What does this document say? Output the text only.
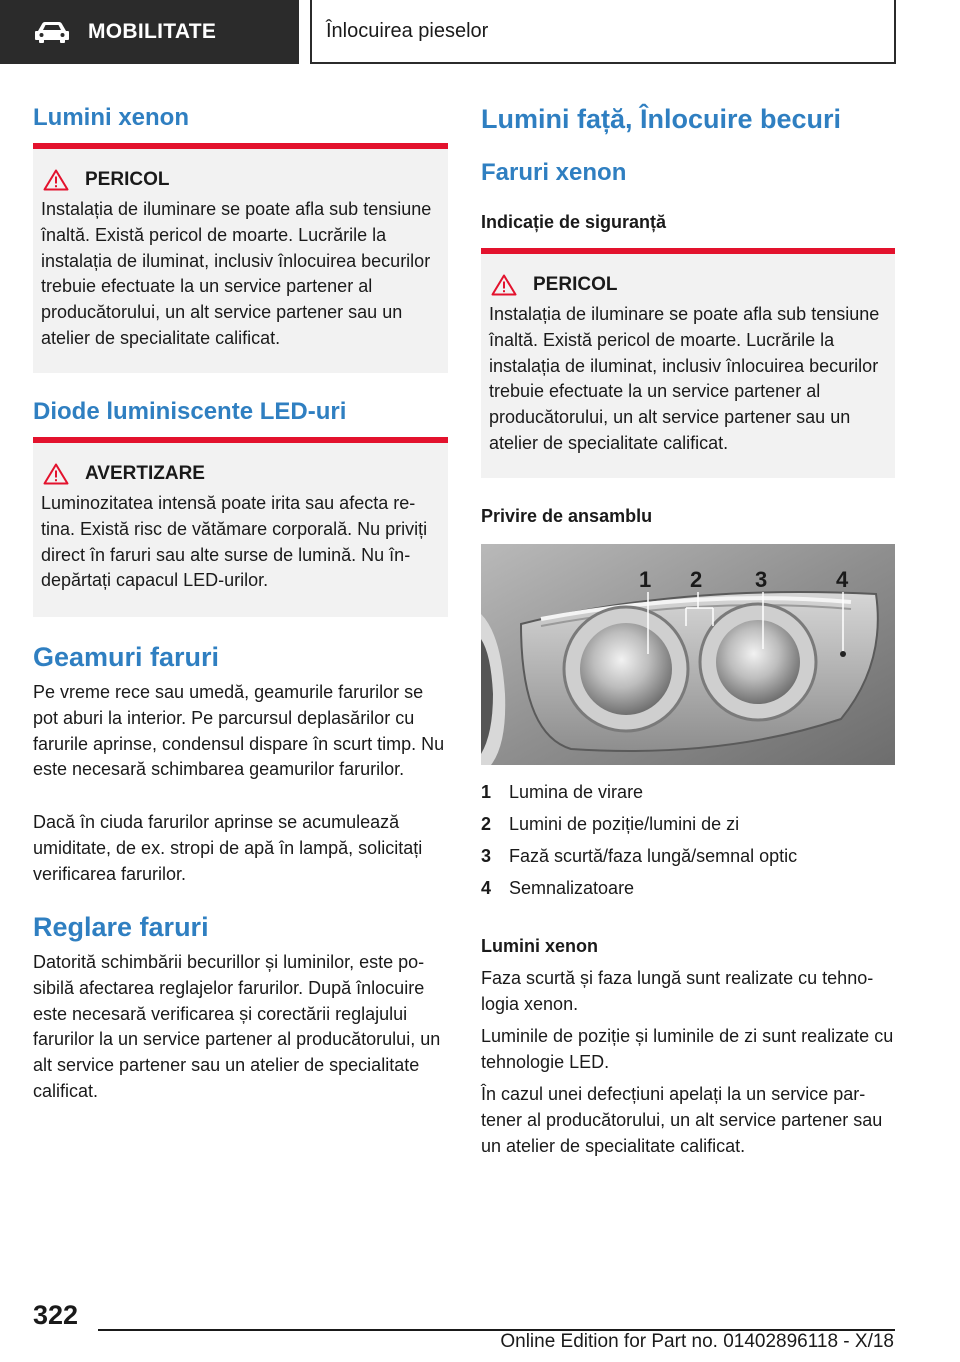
MOBILITATE	Înlocuirea pieselor
Lumini xenon
PERICOL
Instalația de iluminare se poate afla sub tensiune înaltă. Există pericol de moarte. Lucrările la instalația de iluminat, inclusiv înlocuirea becurilor trebuie efectuate la un service partener al producătorului, un alt service partener sau un atelier de specialitate calificat.
Diode luminiscente LED-uri
AVERTIZARE
Luminozitatea intensă poate irita sau afecta retina. Există risc de vătămare corporală. Nu priviți direct în faruri sau alte surse de lumină. Nu îndepărtați capacul LED-urilor.
Geamuri faruri
Pe vreme rece sau umedă, geamurile farurilor se pot aburi la interior. Pe parcursul deplasărilor cu farurile aprinse, condensul dispare în scurt timp. Nu este necesară schimbarea geamurilor farurilor.
Dacă în ciuda farurilor aprinse se acumulează umiditate, de ex. stropi de apă în lampă, solicitați verificarea farurilor.
Reglare faruri
Datorită schimbării becurillor și luminilor, este posibilă afectarea reglajelor farurilor. După înlocuire este necesară verificarea și corectării reglajului farurilor la un service partener al producătorului, un alt service partener sau un atelier de specialitate calificat.
Lumini față, Înlocuire becuri
Faruri xenon
Indicație de siguranță
PERICOL
Instalația de iluminare se poate afla sub tensiune înaltă. Există pericol de moarte. Lucrările la instalația de iluminat, inclusiv înlocuirea becurilor trebuie efectuate la un service partener al producătorului, un alt service partener sau un atelier de specialitate calificat.
Privire de ansamblu
1 2 3	4
1 Lumina de virare
2 Lumini de poziție/lumini de zi
3 Fază scurtă/faza lungă/semnal optic
4 Semnalizatoare
Lumini xenon
Faza scurtă și faza lungă sunt realizate cu tehnologia xenon.
Luminile de poziție și luminile de zi sunt realizate cu tehnologie LED.
În cazul unei defecțiuni apelați la un service partener al producătorului, un alt service partener sau un atelier de specialitate calificat.
322
Online Edition for Part no. 01402896118 - X/18
